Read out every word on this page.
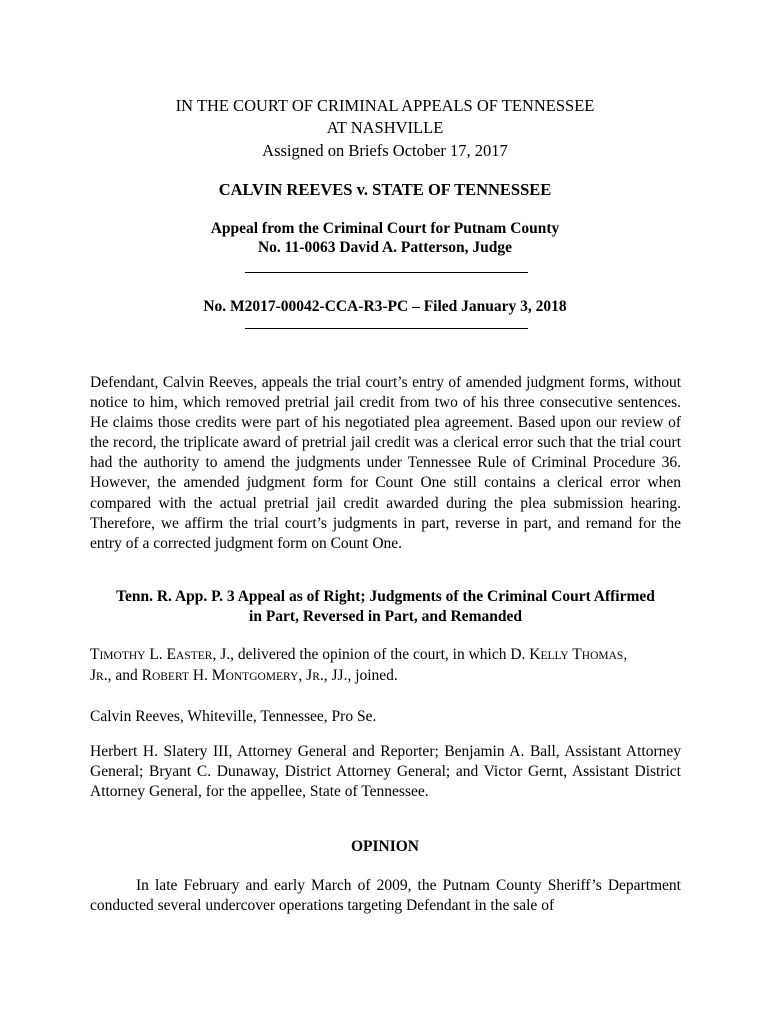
IN THE COURT OF CRIMINAL APPEALS OF TENNESSEE
AT NASHVILLE
Assigned on Briefs October 17, 2017
CALVIN REEVES v. STATE OF TENNESSEE
Appeal from the Criminal Court for Putnam County
No. 11-0063 David A. Patterson, Judge
No. M2017-00042-CCA-R3-PC – Filed January 3, 2018
Defendant, Calvin Reeves, appeals the trial court’s entry of amended judgment forms, without notice to him, which removed pretrial jail credit from two of his three consecutive sentences. He claims those credits were part of his negotiated plea agreement. Based upon our review of the record, the triplicate award of pretrial jail credit was a clerical error such that the trial court had the authority to amend the judgments under Tennessee Rule of Criminal Procedure 36. However, the amended judgment form for Count One still contains a clerical error when compared with the actual pretrial jail credit awarded during the plea submission hearing. Therefore, we affirm the trial court’s judgments in part, reverse in part, and remand for the entry of a corrected judgment form on Count One.
Tenn. R. App. P. 3 Appeal as of Right; Judgments of the Criminal Court Affirmed
in Part, Reversed in Part, and Remanded
TIMOTHY L. EASTER, J., delivered the opinion of the court, in which D. KELLY THOMAS,
JR., and ROBERT H. MONTGOMERY, JR., JJ., joined.
Calvin Reeves, Whiteville, Tennessee, Pro Se.
Herbert H. Slatery III, Attorney General and Reporter; Benjamin A. Ball, Assistant Attorney General; Bryant C. Dunaway, District Attorney General; and Victor Gernt, Assistant District Attorney General, for the appellee, State of Tennessee.
OPINION
In late February and early March of 2009, the Putnam County Sheriff’s Department conducted several undercover operations targeting Defendant in the sale of
